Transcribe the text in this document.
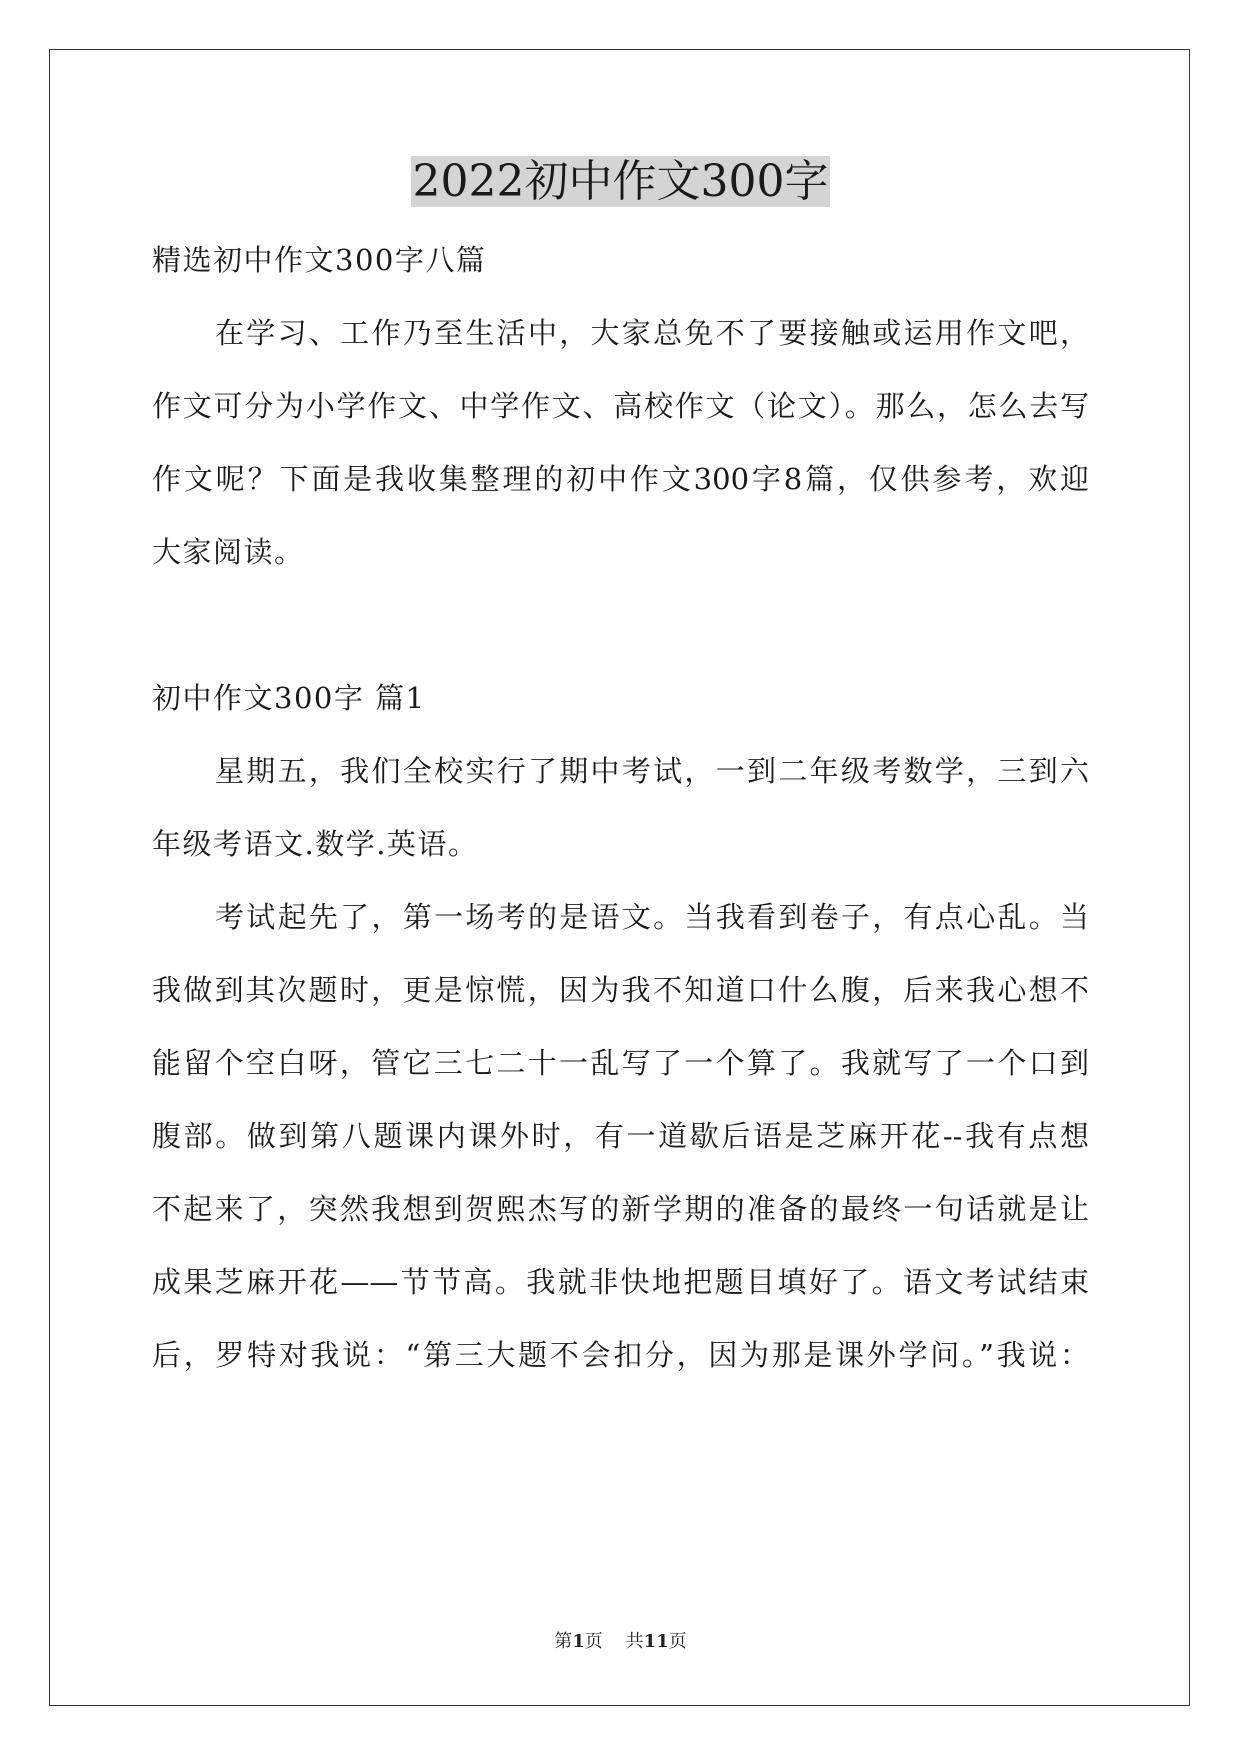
2022初中作文300字

精选初中作文300字八篇

在学习、工作乃至生活中，大家总免不了要接触或运用作文吧，

作文可分为小学作文、中学作文、高校作文（论文）。那么，怎么去写

作文呢？下面是我收集整理的初中作文300字8篇，仅供参考，欢迎

大家阅读。

初中作文300字 篇1

星期五，我们全校实行了期中考试，一到二年级考数学，三到六

年级考语文.数学.英语。

考试起先了，第一场考的是语文。当我看到卷子，有点心乱。当

我做到其次题时，更是惊慌，因为我不知道口什么腹，后来我心想不

能留个空白呀，管它三七二十一乱写了一个算了。我就写了一个口到

腹部。做到第八题课内课外时，有一道歇后语是芝麻开花--我有点想

不起来了，突然我想到贺熙杰写的新学期的准备的最终一句话就是让

成果芝麻开花——节节高。我就非快地把题目填好了。语文考试结束

后，罗特对我说：“第三大题不会扣分，因为那是课外学问。”我说：

第1页 共11页
